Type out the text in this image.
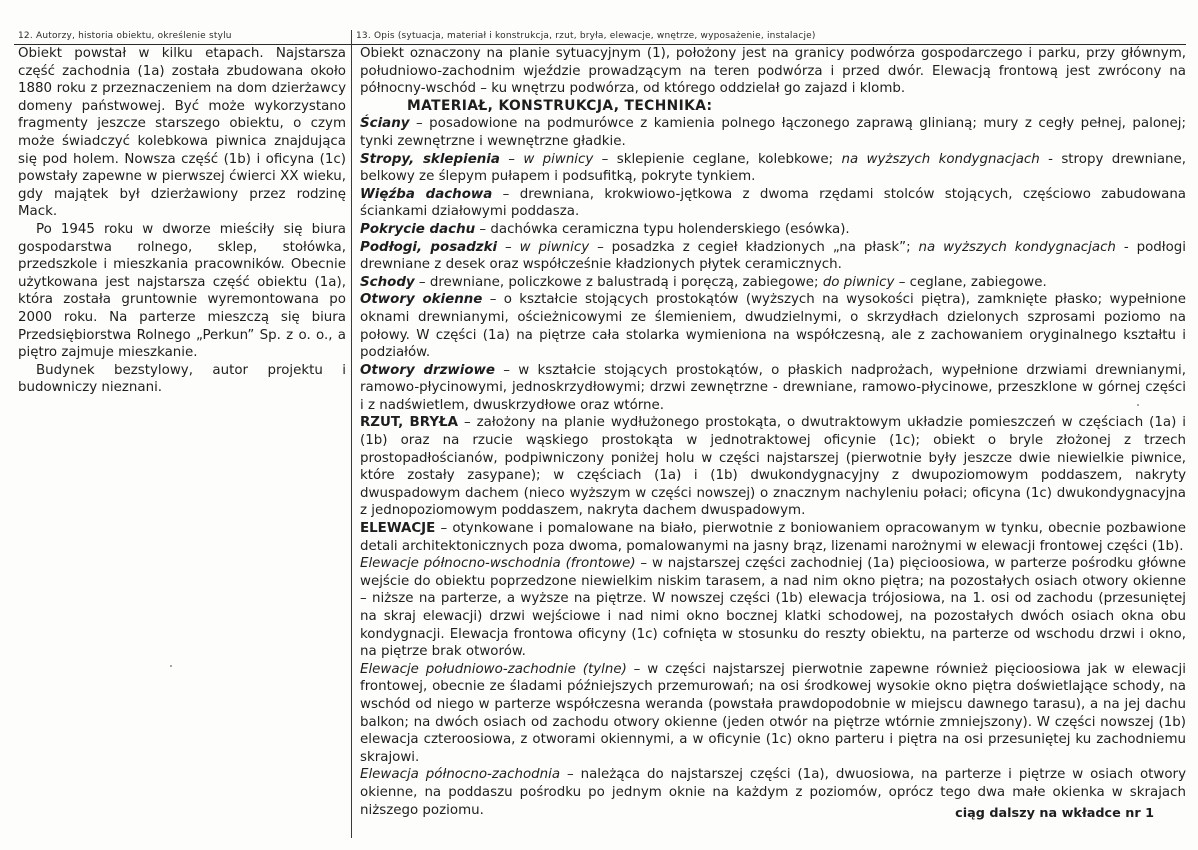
12. Autorzy, historia obiektu, określenie stylu	13. Opis (sytuacja, materiał i konstrukcja, rzut, bryła, elewacje, wnętrze, wyposażenie, instalacje)

Obiekt powstał w kilku etapach. Najstarsza część zachodnia (1a) została zbudowana około 1880 roku z przeznaczeniem na dom dzierżawcy domeny państwowej. Być może wykorzystano fragmenty jeszcze starszego obiektu, o czym może świadczyć kolebkowa piwnica znajdująca się pod holem. Nowsza część (1b) i oficyna (1c) powstały zapewne w pierwszej ćwierci XX wieku, gdy majątek był dzierżawiony przez rodzinę Mack.

Po 1945 roku w dworze mieściły się biura gospodarstwa rolnego, sklep, stołówka, przedszkole i mieszkania pracowników. Obecnie użytkowana jest najstarsza część obiektu (1a), która została gruntownie wyremontowana po 2000 roku. Na parterze mieszczą się biura Przedsiębiorstwa Rolnego „Perkun” Sp. z o. o., a piętro zajmuje mieszkanie.

Budynek bezstylowy, autor projektu i budowniczy nieznani.

Obiekt oznaczony na planie sytuacyjnym (1), położony jest na granicy podwórza gospodarczego i parku, przy głównym, południowo-zachodnim wjeździe prowadzącym na teren podwórza i przed dwór. Elewacją frontową jest zwrócony na północny-wschód – ku wnętrzu podwórza, od którego oddzielał go zajazd i klomb.

MATERIAŁ, KONSTRUKCJA, TECHNIKA:

Ściany – posadowione na podmurówce z kamienia polnego łączonego zaprawą glinianą; mury z cegły pełnej, palonej; tynki zewnętrzne i wewnętrzne gładkie.

Stropy, sklepienia – w piwnicy – sklepienie ceglane, kolebkowe; na wyższych kondygnacjach - stropy drewniane, belkowy ze ślepym pułapem i podsufitką, pokryte tynkiem.

Więźba dachowa – drewniana, krokwiowo-jętkowa z dwoma rzędami stolców stojących, częściowo zabudowana ściankami działowymi poddasza.

Pokrycie dachu – dachówka ceramiczna typu holenderskiego (esówka).

Podłogi, posadzki – w piwnicy – posadzka z cegieł kładzionych „na płask”; na wyższych kondygnacjach - podłogi drewniane z desek oraz współcześnie kładzionych płytek ceramicznych.

Schody – drewniane, policzkowe z balustradą i poręczą, zabiegowe; do piwnicy – ceglane, zabiegowe.

Otwory okienne – o kształcie stojących prostokątów (wyższych na wysokości piętra), zamknięte płasko; wypełnione oknami drewnianymi, ościeżnicowymi ze ślemieniem, dwudzielnymi, o skrzydłach dzielonych szprosami poziomo na połowy. W części (1a) na piętrze cała stolarka wymieniona na współczesną, ale z zachowaniem oryginalnego kształtu i podziałów.

Otwory drzwiowe – w kształcie stojących prostokątów, o płaskich nadprożach, wypełnione drzwiami drewnianymi, ramowo-płycinowymi, jednoskrzydłowymi; drzwi zewnętrzne - drewniane, ramowo-płycinowe, przeszklone w górnej części i z nadświetlem, dwuskrzydłowe oraz wtórne.

RZUT, BRYŁA – założony na planie wydłużonego prostokąta, o dwutraktowym układzie pomieszczeń w częściach (1a) i (1b) oraz na rzucie wąskiego prostokąta w jednotraktowej oficynie (1c); obiekt o bryle złożonej z trzech prostopadłościanów, podpiwniczony poniżej holu w części najstarszej (pierwotnie były jeszcze dwie niewielkie piwnice, które zostały zasypane); w częściach (1a) i (1b) dwukondygnacyjny z dwupoziomowym poddaszem, nakryty dwuspadowym dachem (nieco wyższym w części nowszej) o znacznym nachyleniu połaci; oficyna (1c) dwukondygnacyjna z jednopoziomowym poddaszem, nakryta dachem dwuspadowym.

ELEWACJE – otynkowane i pomalowane na biało, pierwotnie z boniowaniem opracowanym w tynku, obecnie pozbawione detali architektonicznych poza dwoma, pomalowanymi na jasny brąz, lizenami narożnymi w elewacji frontowej części (1b).

Elewacje północno-wschodnia (frontowe) – w najstarszej części zachodniej (1a) pięcioosiowa, w parterze pośrodku główne wejście do obiektu poprzedzone niewielkim niskim tarasem, a nad nim okno piętra; na pozostałych osiach otwory okienne – niższe na parterze, a wyższe na piętrze. W nowszej części (1b) elewacja trójosiowa, na 1. osi od zachodu (przesuniętej na skraj elewacji) drzwi wejściowe i nad nimi okno bocznej klatki schodowej, na pozostałych dwóch osiach okna obu kondygnacji. Elewacja frontowa oficyny (1c) cofnięta w stosunku do reszty obiektu, na parterze od wschodu drzwi i okno, na piętrze brak otworów.

Elewacje południowo-zachodnie (tylne) – w części najstarszej pierwotnie zapewne również pięcioosiowa jak w elewacji frontowej, obecnie ze śladami późniejszych przemurowań; na osi środkowej wysokie okno piętra doświetlające schody, na wschód od niego w parterze współczesna weranda (powstała prawdopodobnie w miejscu dawnego tarasu), a na jej dachu balkon; na dwóch osiach od zachodu otwory okienne (jeden otwór na piętrze wtórnie zmniejszony). W części nowszej (1b) elewacja czteroosiowa, z otworami okiennymi, a w oficynie (1c) okno parteru i piętra na osi przesuniętej ku zachodniemu skrajowi.

Elewacja północno-zachodnia – należąca do najstarszej części (1a), dwuosiowa, na parterze i piętrze w osiach otwory okienne, na poddaszu pośrodku po jednym oknie na każdym z poziomów, oprócz tego dwa małe okienka w skrajach niższego poziomu.	ciąg dalszy na wkładce nr 1
